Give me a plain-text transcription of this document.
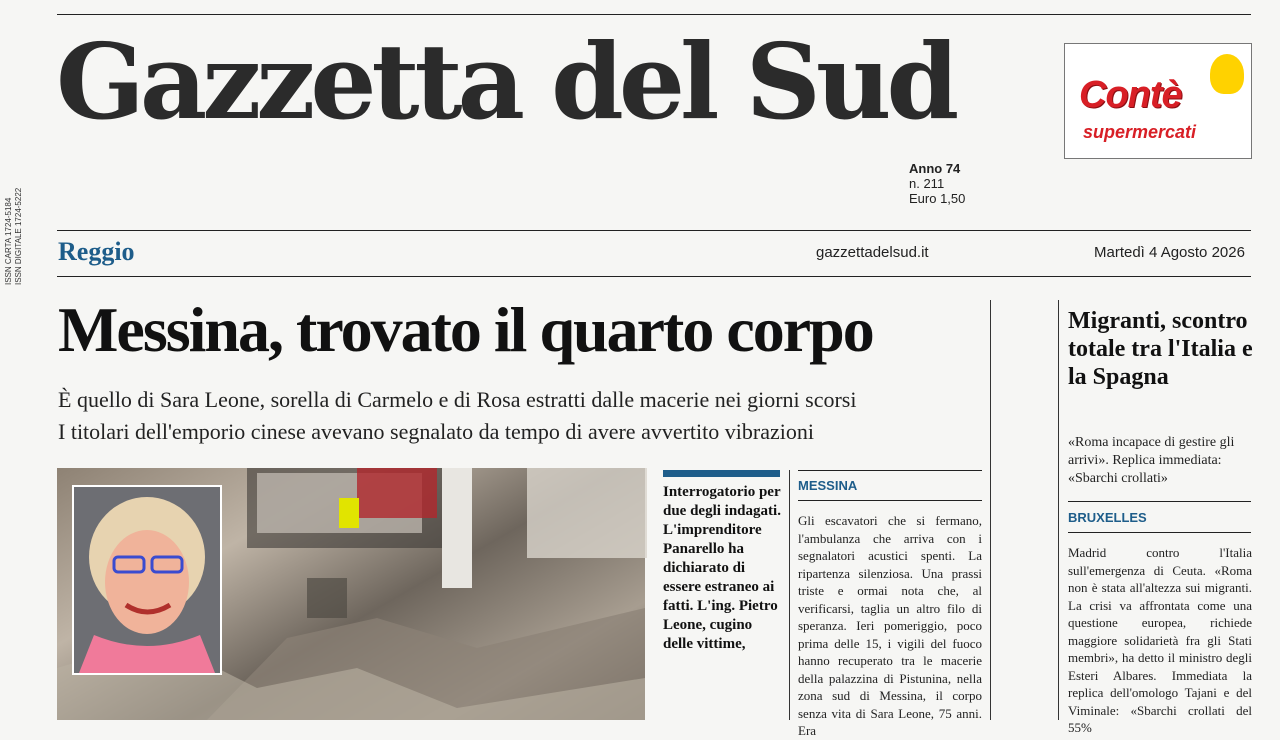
ISSN CARTA 1724-5184 ISSN DIGITALE 1724-5222
Gazzetta del Sud
Anno 74
n. 211
Euro 1,50
Contè
supermercati
Reggio	gazzettadelsud.it	Martedì 4 Agosto 2026
Messina, trovato il quarto corpo
È quello di Sara Leone, sorella di Carmelo e di Rosa estratti dalle macerie nei giorni scorsi
I titolari dell'emporio cinese avevano segnalato da tempo di avere avvertito vibrazioni
Interrogatorio per due degli indagati. L'imprenditore Panarello ha dichiarato di essere estraneo ai fatti. L'ing. Pietro Leone, cugino delle vittime,
MESSINA
Gli escavatori che si fermano, l'ambulanza che arriva con i segnalatori acustici spenti. La ripartenza silenziosa. Una prassi triste e ormai nota che, al verificarsi, taglia un altro filo di speranza. Ieri pomeriggio, poco prima delle 15, i vigili del fuoco hanno recuperato tra le macerie della palazzina di Pistunina, nella zona sud di Messina, il corpo senza vita di Sara Leone, 75 anni. Era
Migranti, scontro totale tra l'Italia e la Spagna
«Roma incapace di gestire gli arrivi». Replica immediata: «Sbarchi crollati»
BRUXELLES
Madrid contro l'Italia sull'emergenza di Ceuta. «Roma non è stata all'altezza sui migranti. La crisi va affrontata come una questione europea, richiede maggiore solidarietà fra gli Stati membri», ha detto il ministro degli Esteri Albares. Immediata la replica dell'omologo Tajani e del Viminale: «Sbarchi crollati del 55%
